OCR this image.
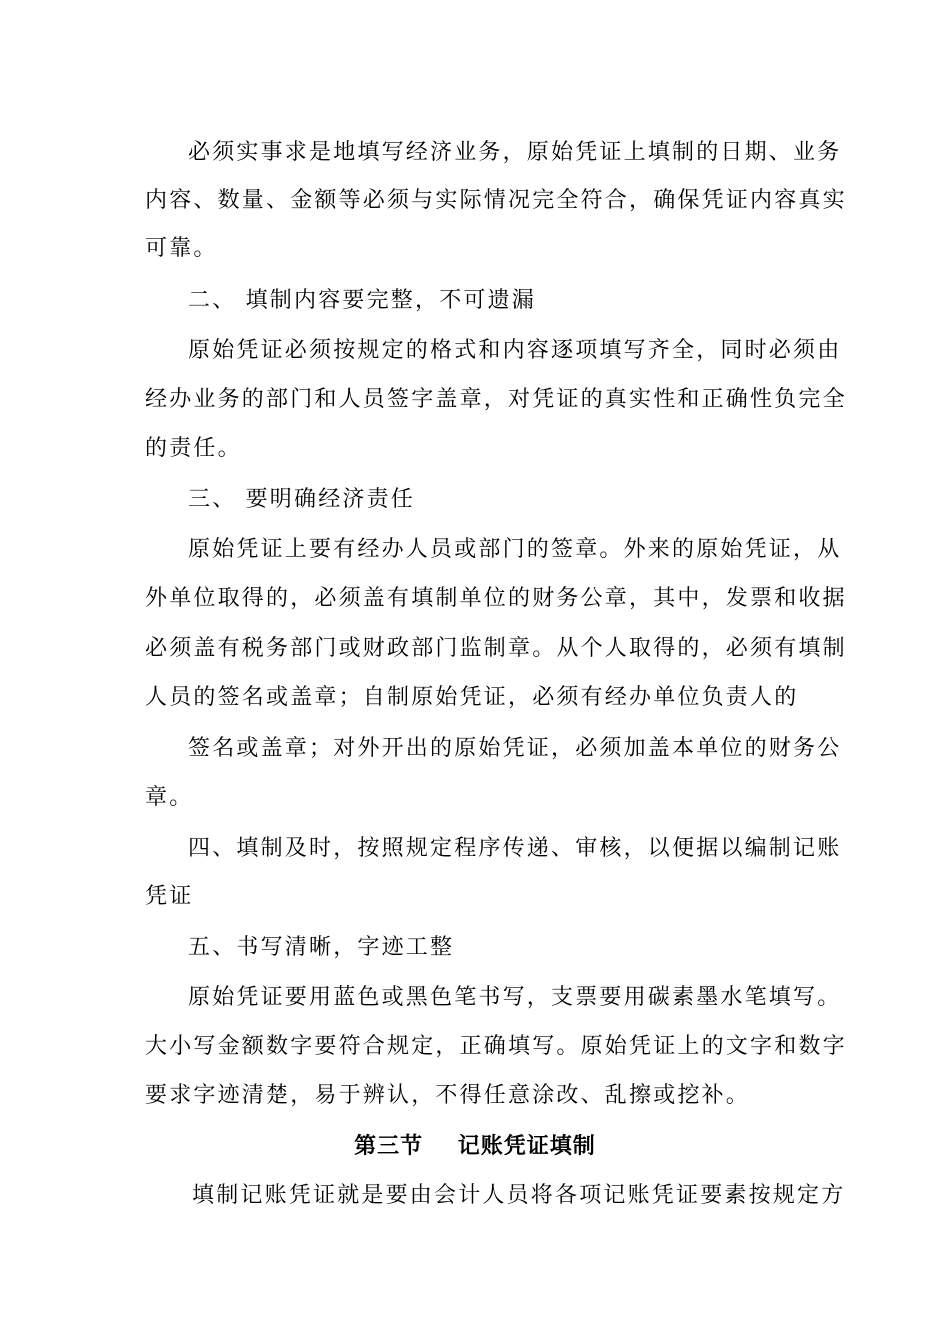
必须实事求是地填写经济业务，原始凭证上填制的日期、业务
内容、数量、金额等必须与实际情况完全符合，确保凭证内容真实
可靠。
二、 填制内容要完整，不可遗漏
原始凭证必须按规定的格式和内容逐项填写齐全，同时必须由
经办业务的部门和人员签字盖章，对凭证的真实性和正确性负完全
的责任。
三、 要明确经济责任
原始凭证上要有经办人员或部门的签章。外来的原始凭证，从
外单位取得的，必须盖有填制单位的财务公章，其中，发票和收据
必须盖有税务部门或财政部门监制章。从个人取得的，必须有填制
人员的签名或盖章；自制原始凭证，必须有经办单位负责人的
签名或盖章；对外开出的原始凭证，必须加盖本单位的财务公
章。
四、填制及时，按照规定程序传递、审核，以便据以编制记账
凭证
五、书写清晰，字迹工整
原始凭证要用蓝色或黑色笔书写，支票要用碳素墨水笔填写。
大小写金额数字要符合规定，正确填写。原始凭证上的文字和数字
要求字迹清楚，易于辨认，不得任意涂改、乱擦或挖补。
第三节    记账凭证填制
填制记账凭证就是要由会计人员将各项记账凭证要素按规定方
